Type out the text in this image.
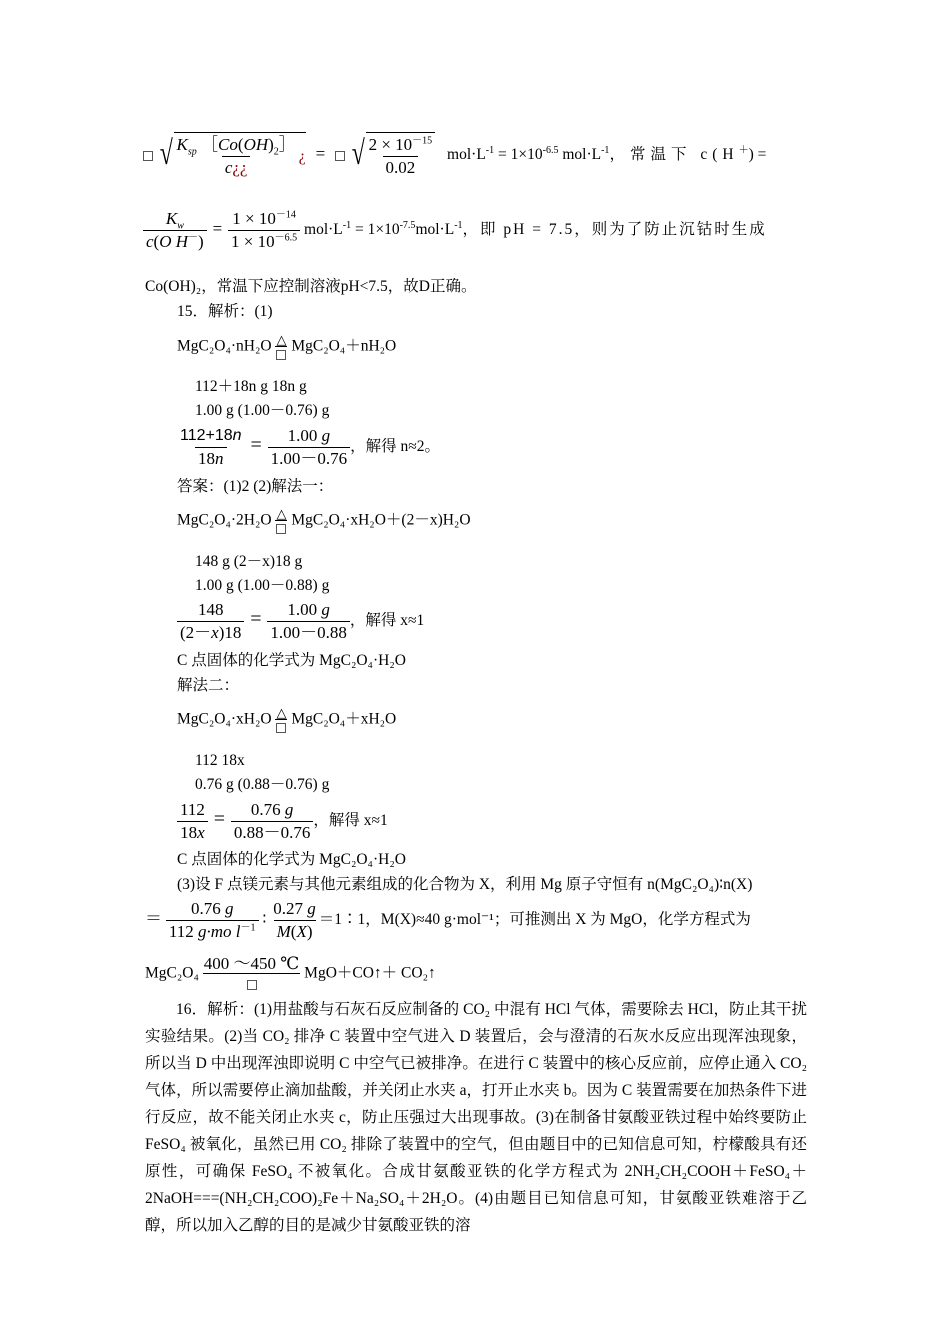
√ $\frac{K_{sp} [Co(OH)_2]}{c¿¿}$ ¿ = √ $\frac{2 \times 10^{-15}}{0.02} mol\cdot L^{-1} = 1\times 10^{-6.5}$ $mol\cdot L^{-1}$，常温下 c(H＋) =
$\frac{K_w}{c(O H^-)} = \frac{1 \times 10^{-14}}{1 \times 10^{-6.5}} mol\cdot L^{-1} = 1\times 10^{-7.5}mol\cdot L^{-1}$，即 pH = 7.5，则为了防止沉钴时生成
Co(OH)₂，常温下应控制溶液pH<7.5，故D正确。
15．解析：(1)
MgC₂O₄·nH₂O △ MgC₂O₄＋nH₂O
112＋18n g 18n g
1.00 g (1.00－0.76) g
$\frac{112+18n}{18n} = \frac{1.00 g}{1.00-0.76}$ ，解得 n≈2。
答案：(1)2 (2)解法一：
MgC₂O₄·2H₂O △ MgC₂O₄·xH₂O＋(2－x)H₂O
148 g (2－x)18 g
1.00 g (1.00－0.88) g
$\frac{148}{(2-x)18} = \frac{1.00 g}{1.00-0.88}$ ，解得 x≈1
C 点固体的化学式为 MgC₂O₄·H₂O
解法二：
MgC₂O₄·xH₂O △ MgC₂O₄＋xH₂O
112 18x
0.76 g (0.88－0.76) g
$\frac{112}{18x} = \frac{0.76 g}{0.88-0.76}$ ，解得 x≈1
C 点固体的化学式为 MgC₂O₄·H₂O
(3)设 F 点镁元素与其他元素组成的化合物为 X，利用 Mg 原子守恒有 n(MgC₂O₄)∶n(X)
＝ $\frac{0.76 g}{112 g\cdot mo l^{-1}}$ ∶ $\frac{0.27 g}{M(X)}$ ＝1∶1，M(X)≈40 g·mol⁻¹；可推测出 X 为 MgO，化学方程式为
MgC₂O₄
400 ～450 ℃
MgO＋CO↑＋ CO₂↑
16．解析：(1)用盐酸与石灰石反应制备的 CO₂ 中混有 HCl 气体，需要除去 HCl，防止其干扰实验结果。(2)当 CO₂ 排净 C 装置中空气进入 D 装置后，会与澄清的石灰水反应出现浑浊现象，所以当 D 中出现浑浊即说明 C 中空气已被排净。在进行 C 装置中的核心反应前，应停止通入 CO₂ 气体，所以需要停止滴加盐酸，并关闭止水夹 a，打开止水夹 b。因为 C 装置需要在加热条件下进行反应，故不能关闭止水夹 c，防止压强过大出现事故。(3)在制备甘氨酸亚铁过程中始终要防止 FeSO₄ 被氧化，虽然已用 CO₂ 排除了装置中的空气，但由题目中的已知信息可知，柠檬酸具有还原性，可确保 FeSO₄ 不被氧化。合成甘氨酸亚铁的化学方程式为 2NH₂CH₂COOH＋FeSO₄＋2NaOH===(NH₂CH₂COO)₂Fe＋Na₂SO₄＋2H₂O。(4)由题目已知信息可知，甘氨酸亚铁难溶于乙醇，所以加入乙醇的目的是减少甘氨酸亚铁的溶
